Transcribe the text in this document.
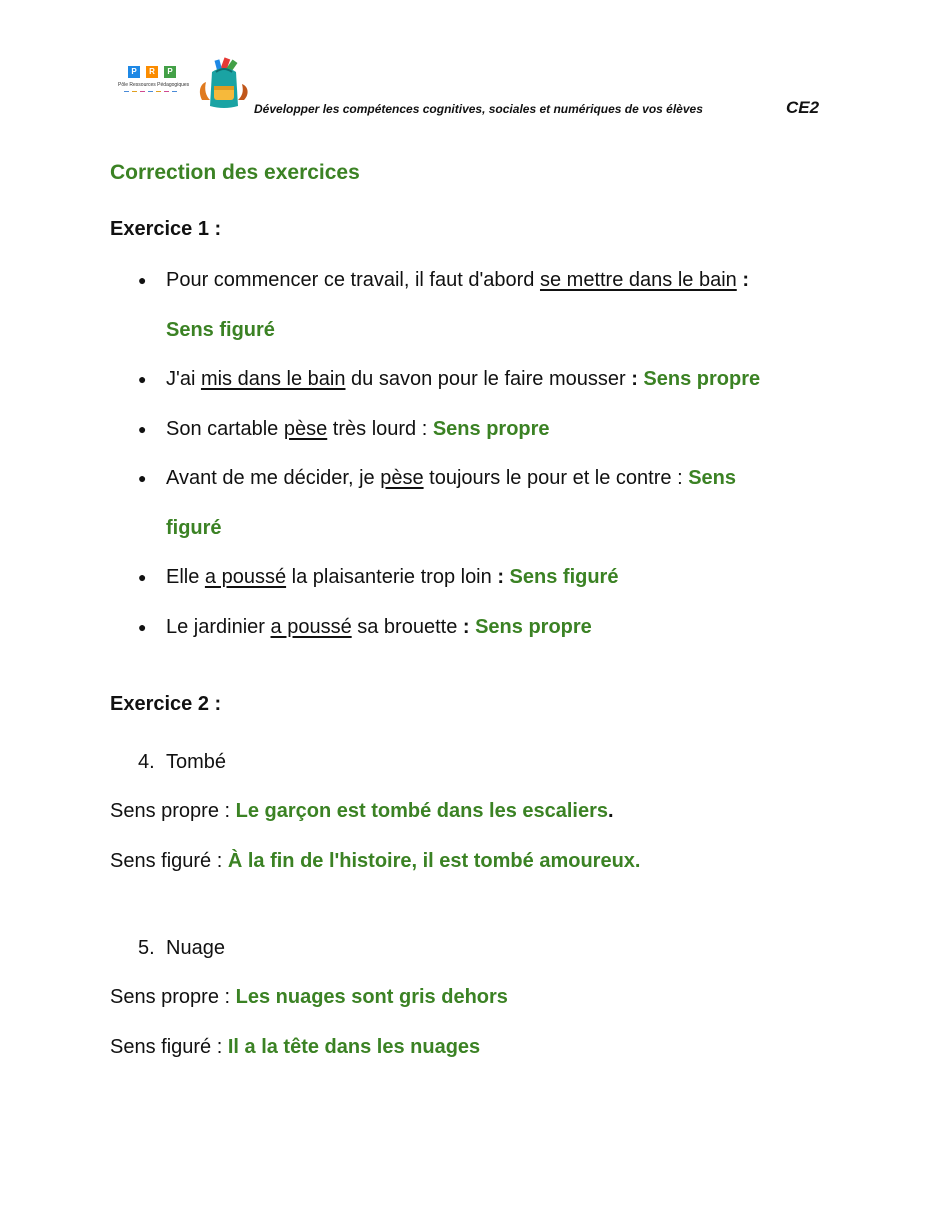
P	R	P
Pôle Ressources Pédagogiques
Développer les compétences cognitives, sociales et numériques de vos élèves	CE2
Correction des exercices
Exercice 1 :
● Pour commencer ce travail, il faut d'abord se mettre dans le bain :
Sens figuré
● J'ai mis dans le bain du savon pour le faire mousser : Sens propre
● Son cartable pèse très lourd : Sens propre
● Avant de me décider, je pèse toujours le pour et le contre : Sens
figuré
● Elle a poussé la plaisanterie trop loin : Sens figuré
● Le jardinier a poussé sa brouette : Sens propre
Exercice 2 :
4. Tombé
Sens propre : Le garçon est tombé dans les escaliers.
Sens figuré : À la fin de l'histoire, il est tombé amoureux.
5. Nuage
Sens propre : Les nuages sont gris dehors
Sens figuré : Il a la tête dans les nuages
